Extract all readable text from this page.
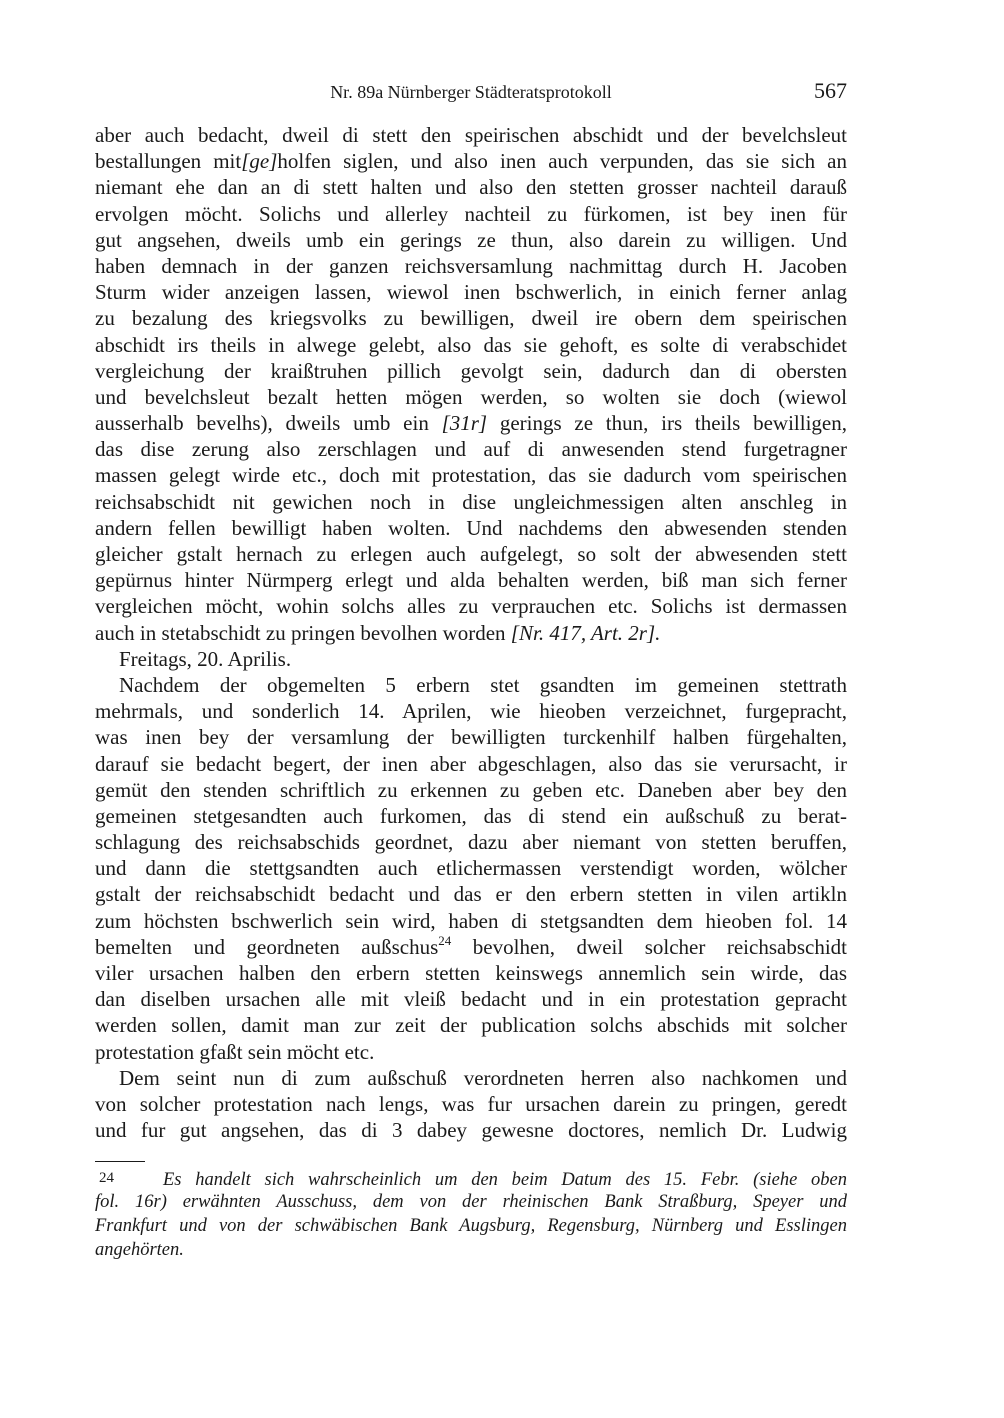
Nr. 89a Nürnberger Städteratsprotokoll	567
aber auch bedacht, dweil di stett den speirischen abschidt und der bevelchsleut
bestallungen mit[ge]holfen siglen, und also inen auch verpunden, das sie sich an
niemant ehe dan an di stett halten und also den stetten grosser nachteil darauß
ervolgen möcht. Solichs und allerley nachteil zu fürkomen, ist bey inen für
gut angsehen, dweils umb ein gerings ze thun, also darein zu willigen. Und
haben demnach in der ganzen reichsversamlung nachmittag durch H. Jacoben
Sturm wider anzeigen lassen, wiewol inen bschwerlich, in einich ferner anlag
zu bezalung des kriegsvolks zu bewilligen, dweil ire obern dem speirischen
abschidt irs theils in alwege gelebt, also das sie gehoft, es solte di verabschidet
vergleichung der kraißtruhen pillich gevolgt sein, dadurch dan di obersten
und bevelchsleut bezalt hetten mögen werden, so wolten sie doch (wiewol
ausserhalb bevelhs), dweils umb ein [31r] gerings ze thun, irs theils bewilligen,
das dise zerung also zerschlagen und auf di anwesenden stend furgetragner
massen gelegt wirde etc., doch mit protestation, das sie dadurch vom speirischen
reichsabschidt nit gewichen noch in dise ungleichmessigen alten anschleg in
andern fellen bewilligt haben wolten. Und nachdems den abwesenden stenden
gleicher gstalt hernach zu erlegen auch aufgelegt, so solt der abwesenden stett
gepürnus hinter Nürmperg erlegt und alda behalten werden, biß man sich ferner
vergleichen möcht, wohin solchs alles zu verprauchen etc. Solichs ist dermassen
auch in stetabschidt zu pringen bevolhen worden [Nr. 417, Art. 2r].
Freitags, 20. Aprilis.
Nachdem der obgemelten 5 erbern stet gsandten im gemeinen stettrath
mehrmals, und sonderlich 14. Aprilen, wie hieoben verzeichnet, furgepracht,
was inen bey der versamlung der bewilligten turckenhilf halben fürgehalten,
darauf sie bedacht begert, der inen aber abgeschlagen, also das sie verursacht, ir
gemüt den stenden schriftlich zu erkennen zu geben etc. Daneben aber bey den
gemeinen stetgesandten auch furkomen, das di stend ein außschuß zu berat-
schlagung des reichsabschids geordnet, dazu aber niemant von stetten beruffen,
und dann die stettgsandten auch etlichermassen verstendigt worden, wölcher
gstalt der reichsabschidt bedacht und das er den erbern stetten in vilen artikln
zum höchsten bschwerlich sein wird, haben di stetgsandten dem hieoben fol. 14
bemelten und geordneten außschus$^{24}$ bevolhen, dweil solcher reichsabschidt
viler ursachen halben den erbern stetten keinswegs annemlich sein wirde, das
dan diselben ursachen alle mit vleiß bedacht und in ein protestation gepracht
werden sollen, damit man zur zeit der publication solchs abschids mit solcher
protestation gfaßt sein möcht etc.
Dem seint nun di zum außschuß verordneten herren also nachkomen und
von solcher protestation nach lengs, was fur ursachen darein zu pringen, geredt
und fur gut angsehen, das di 3 dabey gewesne doctores, nemlich Dr. Ludwig
24	Es handelt sich wahrscheinlich um den beim Datum des 15. Febr. (siehe oben
fol. 16r) erwähnten Ausschuss, dem von der rheinischen Bank Straßburg, Speyer und
Frankfurt und von der schwäbischen Bank Augsburg, Regensburg, Nürnberg und Esslingen
angehörten.
